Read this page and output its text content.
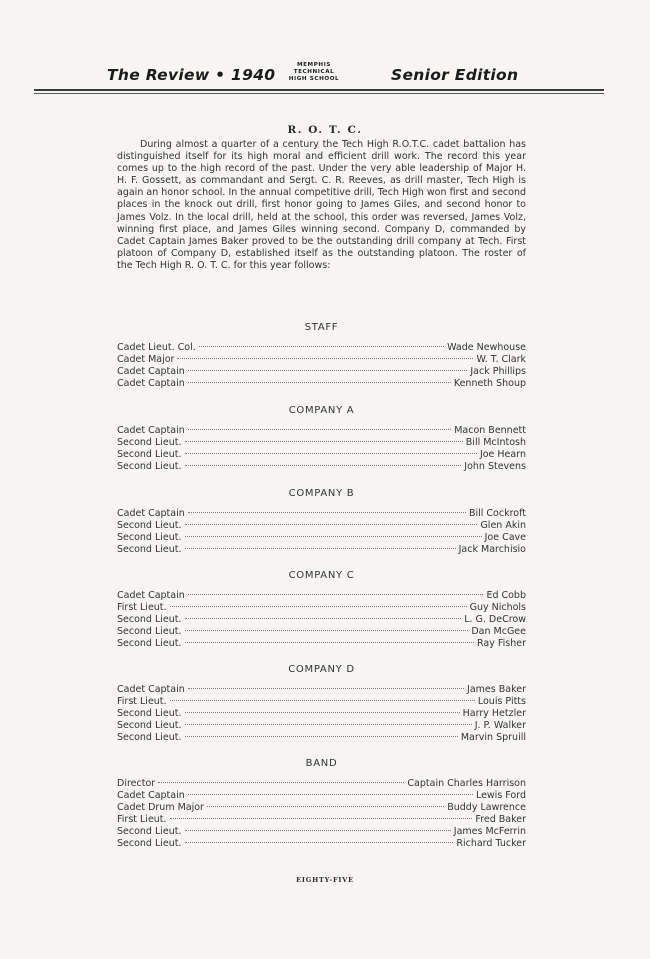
The Review • 1940
MEMPHIS
TECHNICAL
HIGH SCHOOL	Senior Edition
R. O. T. C.
During almost a quarter of a century the Tech High R.O.T.C. cadet battalion has distinguished itself for its high moral and efficient drill work. The record this year comes up to the high record of the past. Under the very able leadership of Major H. H. F. Gossett, as commandant and Sergt. C. R. Reeves, as drill master, Tech High is again an honor school. In the annual competitive drill, Tech High won first and second places in the knock out drill, first honor going to James Giles, and second honor to James Volz. In the local drill, held at the school, this order was reversed, James Volz, winning first place, and James Giles winning second. Company D, commanded by Cadet Captain James Baker proved to be the outstanding drill company at Tech. First platoon of Company D, established itself as the outstanding platoon. The roster of the Tech High R. O. T. C. for this year follows:
STAFF
Cadet Lieut. Col.	Wade Newhouse
Cadet Major	W. T. Clark
Cadet Captain	Jack Phillips
Cadet Captain	Kenneth Shoup
COMPANY A
Cadet Captain	Macon Bennett
Second Lieut.	Bill McIntosh
Second Lieut.	Joe Hearn
Second Lieut.	John Stevens
COMPANY B
Cadet Captain	Bill Cockroft
Second Lieut.	Glen Akin
Second Lieut.	Joe Cave
Second Lieut.	Jack Marchisio
COMPANY C
Cadet Captain	Ed Cobb
First Lieut.	Guy Nichols
Second Lieut.	L. G. DeCrow
Second Lieut.	Dan McGee
Second Lieut.	Ray Fisher
COMPANY D
Cadet Captain	James Baker
First Lieut.	Louis Pitts
Second Lieut.	Harry Hetzler
Second Lieut.	J. P. Walker
Second Lieut.	Marvin Spruill
BAND
Director	Captain Charles Harrison
Cadet Captain	Lewis Ford
Cadet Drum Major	Buddy Lawrence
First Lieut.	Fred Baker
Second Lieut.	James McFerrin
Second Lieut.	Richard Tucker
EIGHTY-FIVE
